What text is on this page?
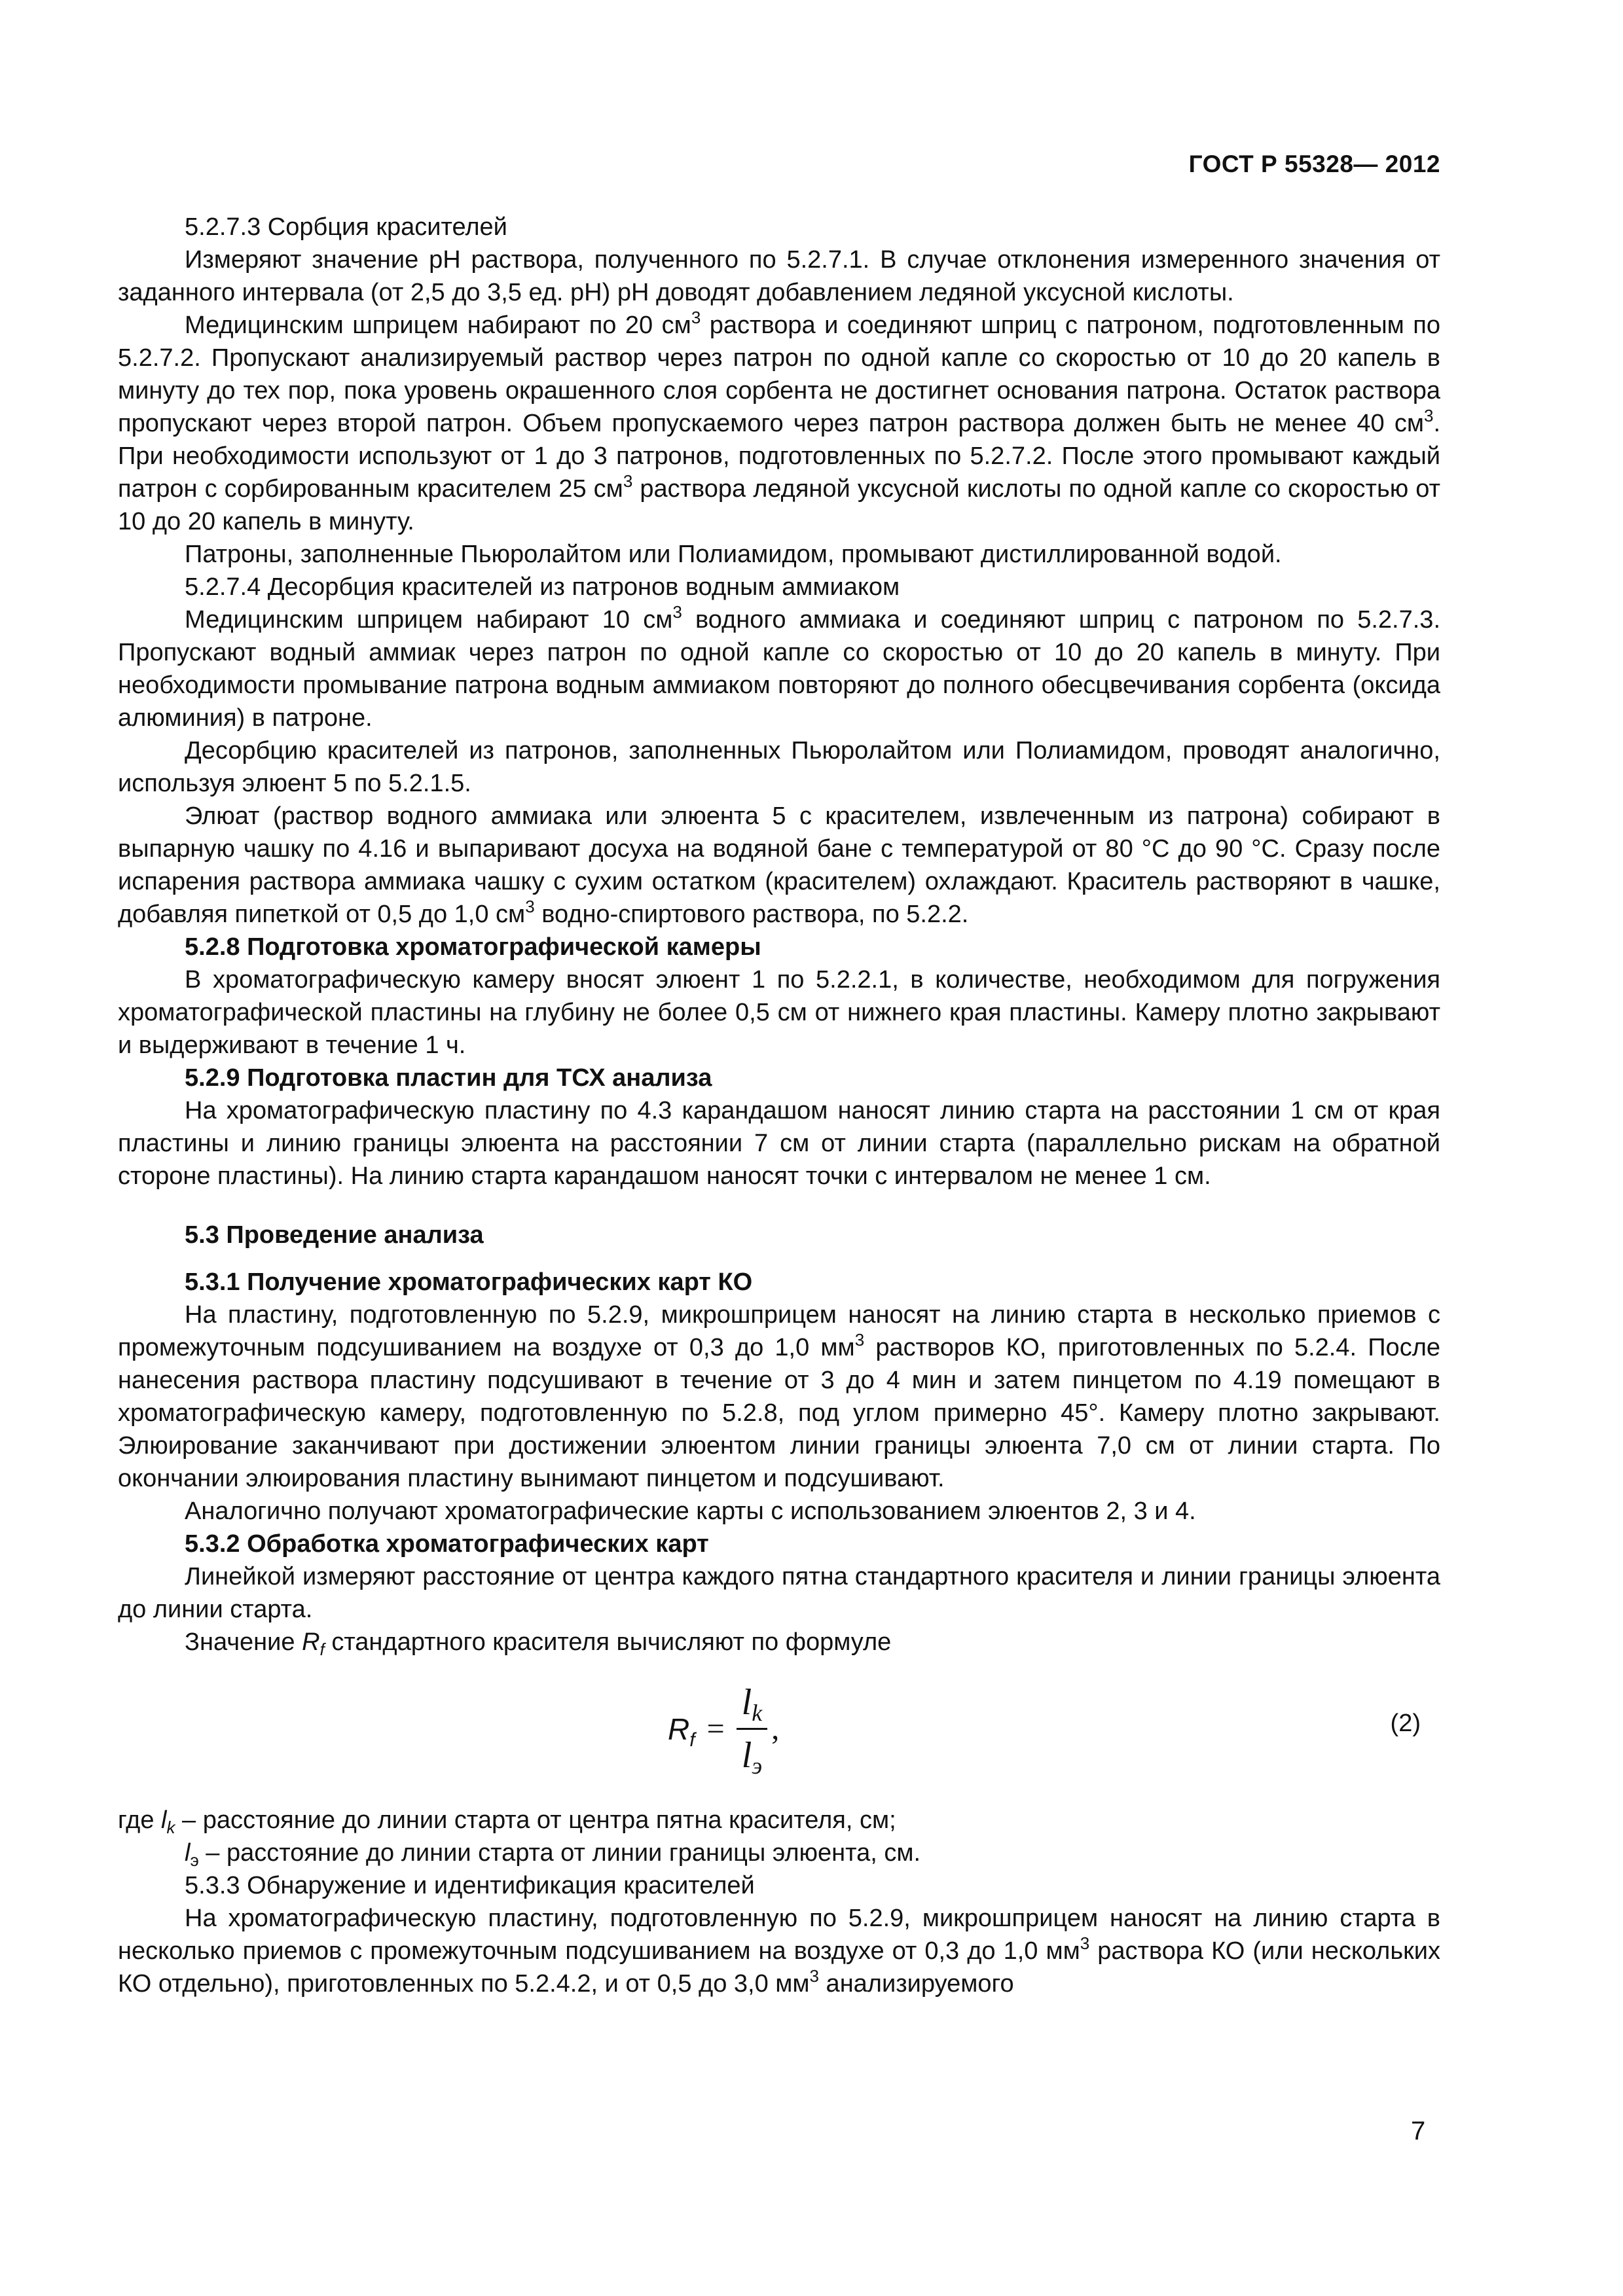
ГОСТ Р 55328— 2012

5.2.7.3 Сорбция красителей

Измеряют значение рН раствора, полученного по 5.2.7.1. В случае отклонения измеренного значения от заданного интервала (от 2,5 до 3,5 ед. рН) рН доводят добавлением ледяной уксусной кислоты.

Медицинским шприцем набирают по 20 $см^3$ раствора и соединяют шприц с патроном, подготовленным по 5.2.7.2. Пропускают анализируемый раствор через патрон по одной капле со скоростью от 10 до 20 капель в минуту до тех пор, пока уровень окрашенного слоя сорбента не достигнет основания патрона. Остаток раствора пропускают через второй патрон. Объем пропускаемого через патрон раствора должен быть не менее 40 $см^3$. При необходимости используют от 1 до 3 патронов, подготовленных по 5.2.7.2. После этого промывают каждый патрон с сорбированным красителем 25 $см^3$ раствора ледяной уксусной кислоты по одной капле со скоростью от 10 до 20 капель в минуту.

Патроны, заполненные Пьюролайтом или Полиамидом, промывают дистиллированной водой.

5.2.7.4 Десорбция красителей из патронов водным аммиаком

Медицинским шприцем набирают 10 $см^3$ водного аммиака и соединяют шприц с патроном по 5.2.7.3. Пропускают водный аммиак через патрон по одной капле со скоростью от 10 до 20 капель в минуту. При необходимости промывание патрона водным аммиаком повторяют до полного обесцвечивания сорбента (оксида алюминия) в патроне.

Десорбцию красителей из патронов, заполненных Пьюролайтом или Полиамидом, проводят аналогично, используя элюент 5 по 5.2.1.5.

Элюат (раствор водного аммиака или элюента 5 с красителем, извлеченным из патрона) собирают в выпарную чашку по 4.16 и выпаривают досуха на водяной бане с температурой от 80 °С до 90 °С. Сразу после испарения раствора аммиака чашку с сухим остатком (красителем) охлаждают. Краситель растворяют в чашке, добавляя пипеткой от 0,5 до 1,0 $см^3$ водно-спиртового раствора, по 5.2.2.

5.2.8 Подготовка хроматографической камеры

В хроматографическую камеру вносят элюент 1 по 5.2.2.1, в количестве, необходимом для погружения хроматографической пластины на глубину не более 0,5 см от нижнего края пластины. Камеру плотно закрывают и выдерживают в течение 1 ч.

5.2.9 Подготовка пластин для ТСХ анализа

На хроматографическую пластину по 4.3 карандашом наносят линию старта на расстоянии 1 см от края пластины и линию границы элюента на расстоянии 7 см от линии старта (параллельно рискам на обратной стороне пластины). На линию старта карандашом наносят точки с интервалом не менее 1 см.

5.3 Проведение анализа

5.3.1 Получение хроматографических карт КО

На пластину, подготовленную по 5.2.9, микрошприцем наносят на линию старта в несколько приемов с промежуточным подсушиванием на воздухе от 0,3 до 1,0 $мм^3$ растворов КО, приготовленных по 5.2.4. После нанесения раствора пластину подсушивают в течение от 3 до 4 мин и затем пинцетом по 4.19 помещают в хроматографическую камеру, подготовленную по 5.2.8, под углом примерно 45°. Камеру плотно закрывают. Элюирование заканчивают при достижении элюентом линии границы элюента 7,0 см от линии старта. По окончании элюирования пластину вынимают пинцетом и подсушивают.

Аналогично получают хроматографические карты с использованием элюентов 2, 3 и 4.

5.3.2 Обработка хроматографических карт

Линейкой измеряют расстояние от центра каждого пятна стандартного красителя и линии границы элюента до линии старта.

Значение $R_f$ стандартного красителя вычисляют по формуле

$R_f = \frac{l_k}{l_э}$ ,	(2)

где $l_k$ – расстояние до линии старта от центра пятна красителя, см;

$l_э$ – расстояние до линии старта от линии границы элюента, см.

5.3.3 Обнаружение и идентификация красителей

На хроматографическую пластину, подготовленную по 5.2.9, микрошприцем наносят на линию старта в несколько приемов с промежуточным подсушиванием на воздухе от 0,3 до 1,0 $мм^3$ раствора КО (или нескольких КО отдельно), приготовленных по 5.2.4.2, и от 0,5 до 3,0 $мм^3$ анализируемого

7
